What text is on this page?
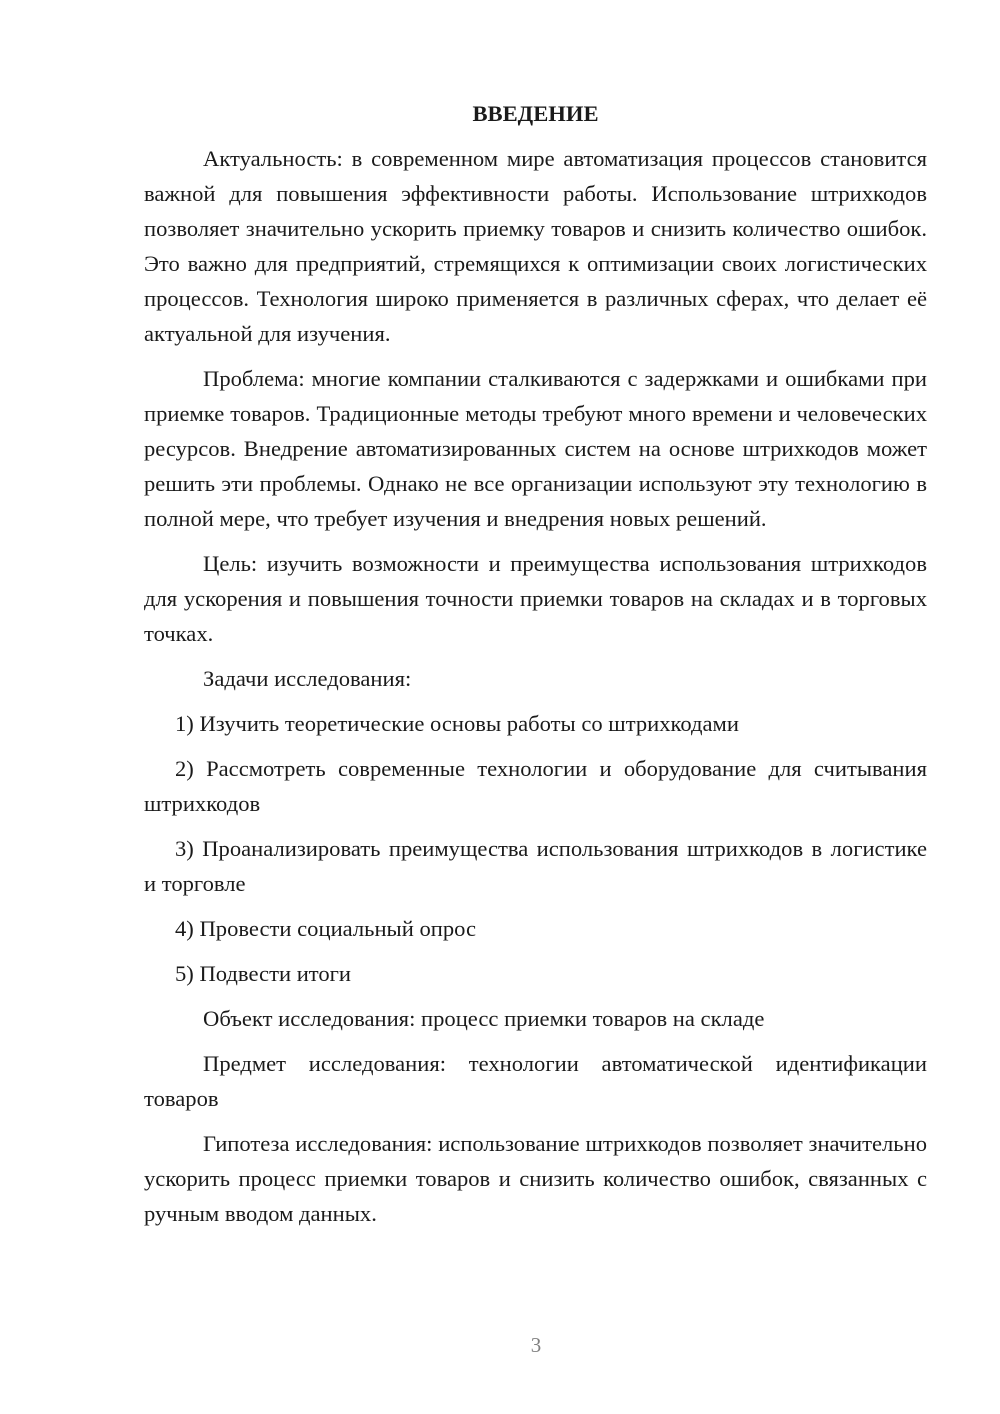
ВВЕДЕНИЕ

Актуальность: в современном мире автоматизация процессов становится важной для повышения эффективности работы. Использование штрихкодов позволяет значительно ускорить приемку товаров и снизить количество ошибок. Это важно для предприятий, стремящихся к оптимизации своих логистических процессов. Технология широко применяется в различных сферах, что делает её актуальной для изучения.

Проблема: многие компании сталкиваются с задержками и ошибками при приемке товаров. Традиционные методы требуют много времени и человеческих ресурсов. Внедрение автоматизированных систем на основе штрихкодов может решить эти проблемы. Однако не все организации используют эту технологию в полной мере, что требует изучения и внедрения новых решений.

Цель: изучить возможности и преимущества использования штрихкодов для ускорения и повышения точности приемки товаров на складах и в торговых точках.

Задачи исследования:

1) Изучить теоретические основы работы со штрихкодами

2) Рассмотреть современные технологии и оборудование для считывания штрихкодов

3) Проанализировать преимущества использования штрихкодов в логистике и торговле

4) Провести социальный опрос

5) Подвести итоги

Объект исследования: процесс приемки товаров на складе

Предмет исследования: технологии автоматической идентификации товаров

Гипотеза исследования: использование штрихкодов позволяет значительно ускорить процесс приемки товаров и снизить количество ошибок, связанных с ручным вводом данных.

3
